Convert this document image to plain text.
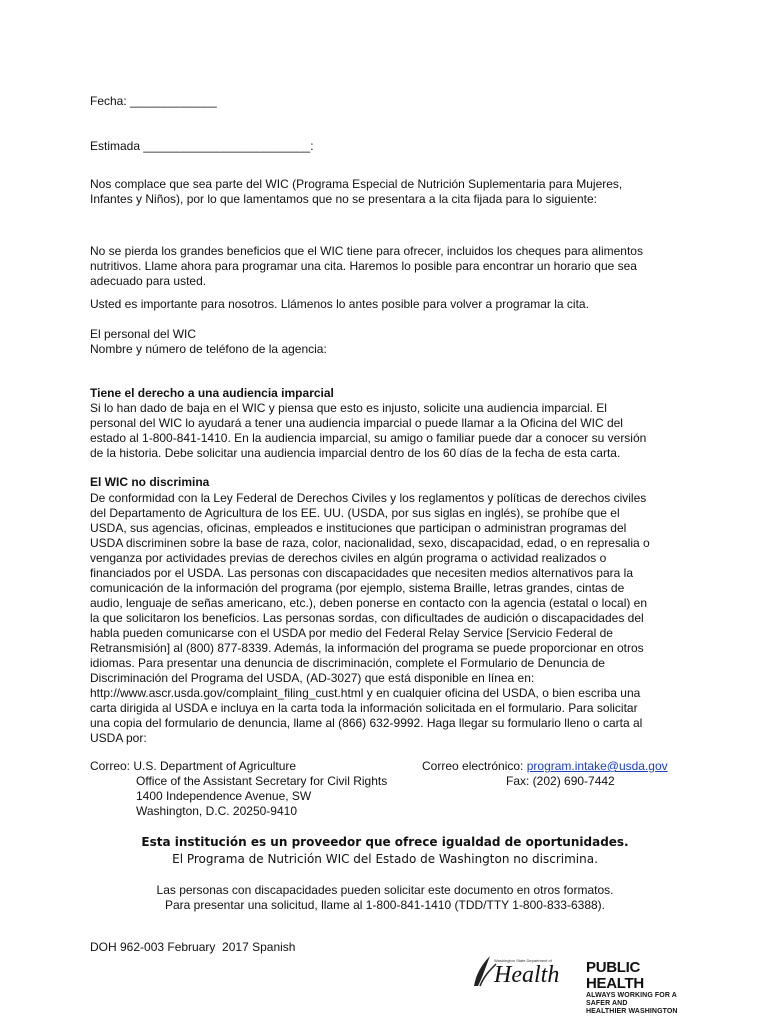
Fecha: _____________

Estimada _________________________:

Nos complace que sea parte del WIC (Programa Especial de Nutrición Suplementaria para Mujeres,
Infantes y Niños), por lo que lamentamos que no se presentara a la cita fijada para lo siguiente:

No se pierda los grandes beneficios que el WIC tiene para ofrecer, incluidos los cheques para alimentos
nutritivos. Llame ahora para programar una cita. Haremos lo posible para encontrar un horario que sea
adecuado para usted.

Usted es importante para nosotros. Llámenos lo antes posible para volver a programar la cita.

El personal del WIC

Nombre y número de teléfono de la agencia:

Tiene el derecho a una audiencia imparcial

Si lo han dado de baja en el WIC y piensa que esto es injusto, solicite una audiencia imparcial. El
personal del WIC lo ayudará a tener una audiencia imparcial o puede llamar a la Oficina del WIC del
estado al 1-800-841-1410. En la audiencia imparcial, su amigo o familiar puede dar a conocer su versión
de la historia. Debe solicitar una audiencia imparcial dentro de los 60 días de la fecha de esta carta.

El WIC no discrimina

De conformidad con la Ley Federal de Derechos Civiles y los reglamentos y políticas de derechos civiles
del Departamento de Agricultura de los EE. UU. (USDA, por sus siglas en inglés), se prohíbe que el
USDA, sus agencias, oficinas, empleados e instituciones que participan o administran programas del
USDA discriminen sobre la base de raza, color, nacionalidad, sexo, discapacidad, edad, o en represalia o
venganza por actividades previas de derechos civiles en algún programa o actividad realizados o
financiados por el USDA. Las personas con discapacidades que necesiten medios alternativos para la
comunicación de la información del programa (por ejemplo, sistema Braille, letras grandes, cintas de
audio, lenguaje de señas americano, etc.), deben ponerse en contacto con la agencia (estatal o local) en
la que solicitaron los beneficios. Las personas sordas, con dificultades de audición o discapacidades del
habla pueden comunicarse con el USDA por medio del Federal Relay Service [Servicio Federal de
Retransmisión] al (800) 877-8339. Además, la información del programa se puede proporcionar en otros
idiomas. Para presentar una denuncia de discriminación, complete el Formulario de Denuncia de
Discriminación del Programa del USDA, (AD-3027) que está disponible en línea en:
http://www.ascr.usda.gov/complaint_filing_cust.html y en cualquier oficina del USDA, o bien escriba una
carta dirigida al USDA e incluya en la carta toda la información solicitada en el formulario. Para solicitar
una copia del formulario de denuncia, llame al (866) 632-9992. Haga llegar su formulario lleno o carta al
USDA por:

Correo: U.S. Department of Agriculture

Office of the Assistant Secretary for Civil Rights

1400 Independence Avenue, SW

Washington, D.C. 20250-9410

Correo electrónico: program.intake@usda.gov

Fax: (202) 690-7442

Esta institución es un proveedor que ofrece igualdad de oportunidades.

El Programa de Nutrición WIC del Estado de Washington no discrimina.

Las personas con discapacidades pueden solicitar este documento en otros formatos.

Para presentar una solicitud, llame al 1-800-841-1410 (TDD/TTY 1-800-833-6388).

DOH 962-003 February  2017 Spanish

Washington State Department of
Health PUBLIC HEALTH
ALWAYS WORKING FOR A SAFER AND
HEALTHIER WASHINGTON
